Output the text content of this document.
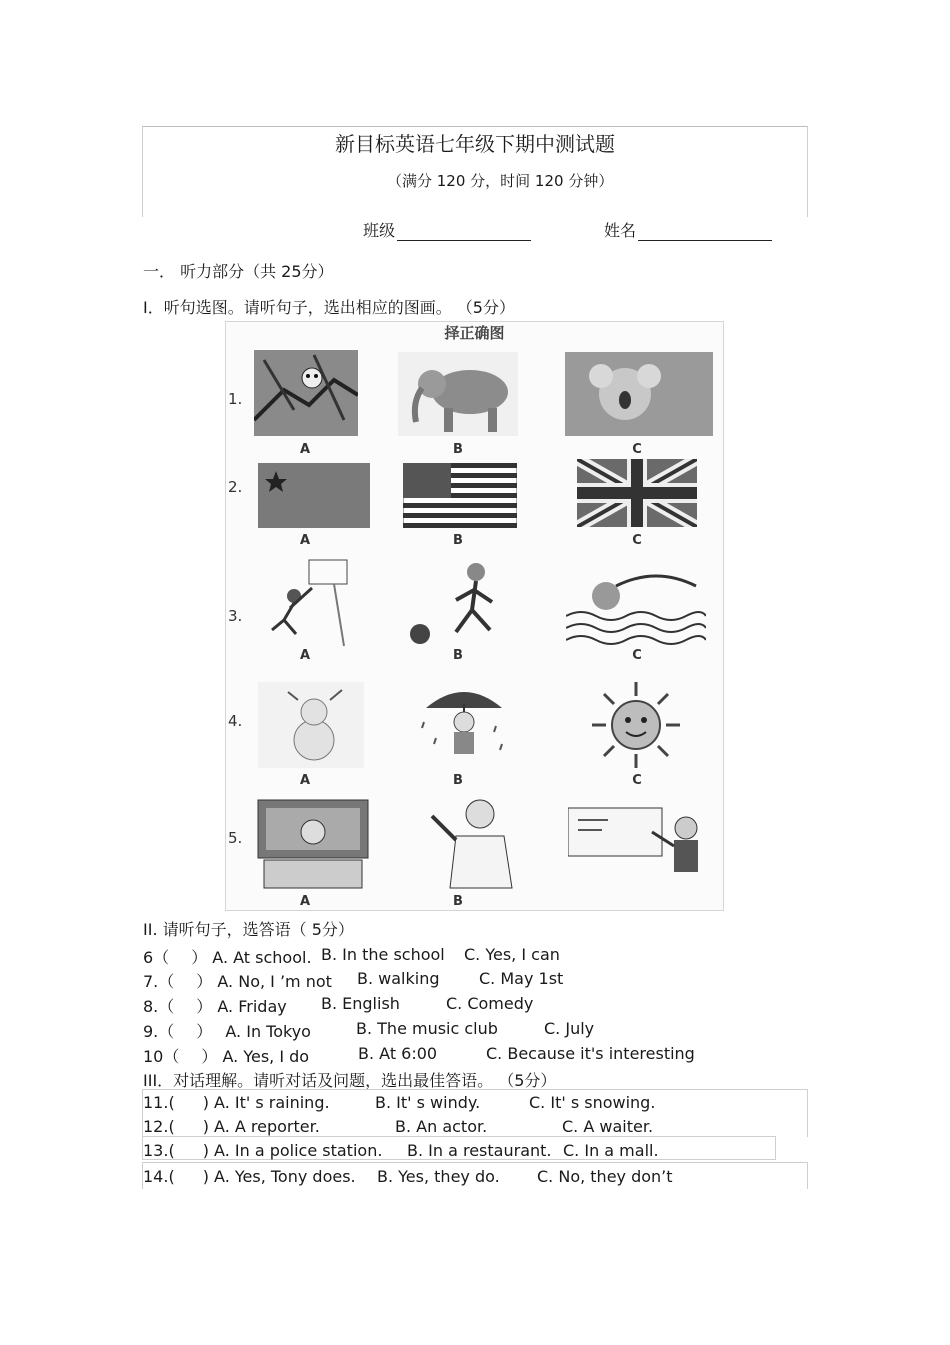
新目标英语七年级下期中测试题
（满分 120 分，时间 120 分钟）
班级	姓名
一． 听力部分（共 25分）
I．听句选图。请听句子，选出相应的图画。 （5分）
择正确图
1.
2.
3.
4.
5.
A	B	C
A	B	C
A	B	C
A	B	C
A	B
II. 请听句子，选答语（ 5分）
6（ ） A. At school. B. In the school C. Yes, I can
7.（ ） A. No, I ’m not B. walking C. May 1st
8.（ ） A. Friday B. English	C. Comedy
9.（ ） A. In Tokyo	B. The music club	C. July
10（ ） A. Yes, I do	B. At 6:00	C. Because it's interesting
III．对话理解。请听对话及问题，选出最佳答语。 （5分）
11.( ) A. It' s raining.	B. It' s windy.	C. It' s snowing.
12.( ) A. A reporter.	B. An actor.	C. A waiter.
13.( ) A. In a police station. B. In a restaurant. C. In a mall.
14.( ) A. Yes, Tony does. B. Yes, they do. C. No, they don’t
